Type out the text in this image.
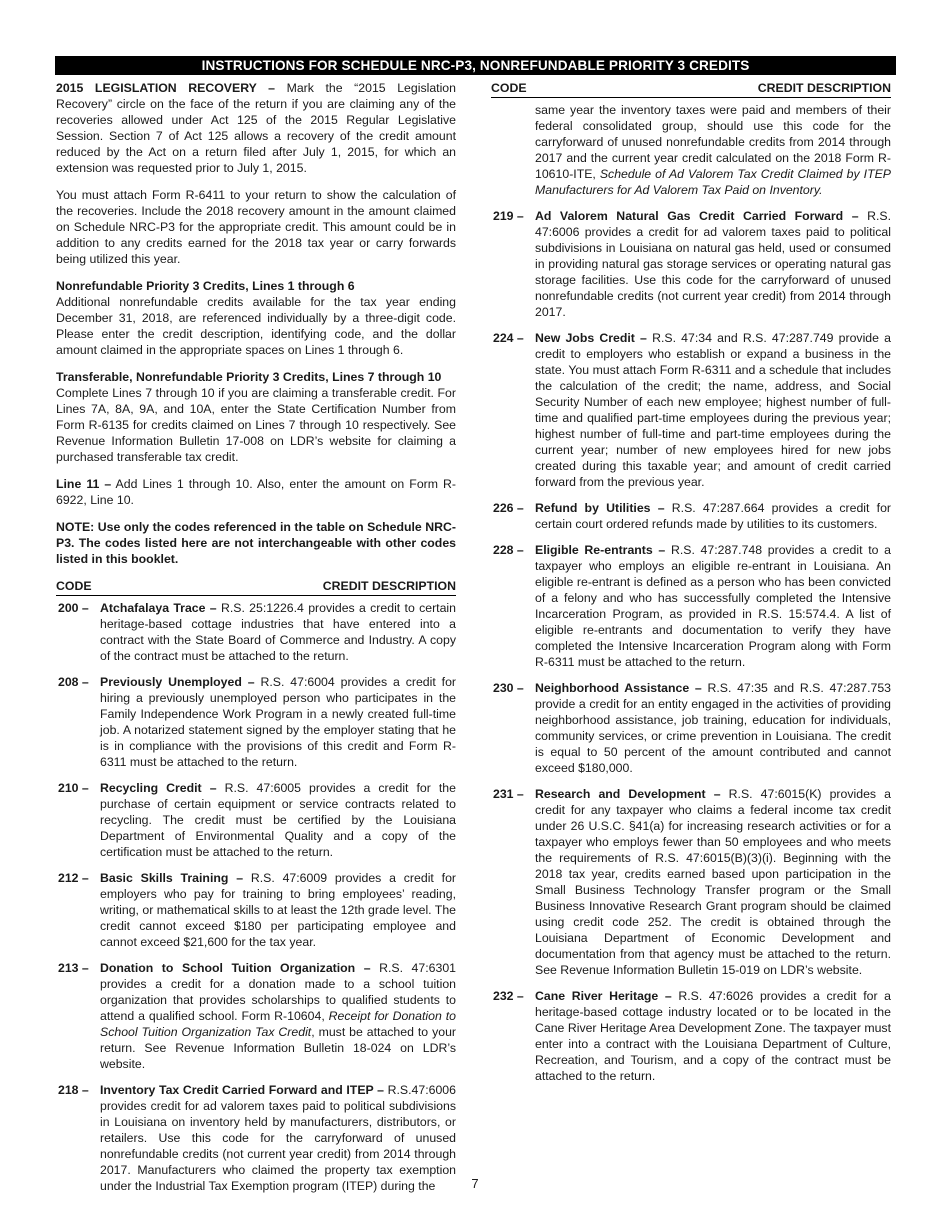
INSTRUCTIONS FOR SCHEDULE NRC-P3, NONREFUNDABLE PRIORITY 3 CREDITS

2015 LEGISLATION RECOVERY – Mark the “2015 Legislation Recovery” circle on the face of the return if you are claiming any of the recoveries allowed under Act 125 of the 2015 Regular Legislative Session. Section 7 of Act 125 allows a recovery of the credit amount reduced by the Act on a return filed after July 1, 2015, for which an extension was requested prior to July 1, 2015.

You must attach Form R-6411 to your return to show the calculation of the recoveries. Include the 2018 recovery amount in the amount claimed on Schedule NRC-P3 for the appropriate credit. This amount could be in addition to any credits earned for the 2018 tax year or carry forwards being utilized this year.

Nonrefundable Priority 3 Credits, Lines 1 through 6

Additional nonrefundable credits available for the tax year ending December 31, 2018, are referenced individually by a three-digit code. Please enter the credit description, identifying code, and the dollar amount claimed in the appropriate spaces on Lines 1 through 6.

Transferable, Nonrefundable Priority 3 Credits, Lines 7 through 10

Complete Lines 7 through 10 if you are claiming a transferable credit. For Lines 7A, 8A, 9A, and 10A, enter the State Certification Number from Form R-6135 for credits claimed on Lines 7 through 10 respectively. See Revenue Information Bulletin 17-008 on LDR’s website for claiming a purchased transferable tax credit.

Line 11 – Add Lines 1 through 10. Also, enter the amount on Form R-6922, Line 10.

NOTE: Use only the codes referenced in the table on Schedule NRC-P3. The codes listed here are not interchangeable with other codes listed in this booklet.

CODE	CREDIT DESCRIPTION
200 – Atchafalaya Trace – R.S. 25:1226.4 provides a credit to certain heritage-based cottage industries that have entered into a contract with the State Board of Commerce and Industry. A copy of the contract must be attached to the return.
208 – Previously Unemployed – R.S. 47:6004 provides a credit for hiring a previously unemployed person who participates in the Family Independence Work Program in a newly created full-time job. A notarized statement signed by the employer stating that he is in compliance with the provisions of this credit and Form R-6311 must be attached to the return.
210 – Recycling Credit – R.S. 47:6005 provides a credit for the purchase of certain equipment or service contracts related to recycling. The credit must be certified by the Louisiana Department of Environmental Quality and a copy of the certification must be attached to the return.
212 – Basic Skills Training – R.S. 47:6009 provides a credit for employers who pay for training to bring employees’ reading, writing, or mathematical skills to at least the 12th grade level. The credit cannot exceed $180 per participating employee and cannot exceed $21,600 for the tax year.
213 – Donation to School Tuition Organization – R.S. 47:6301 provides a credit for a donation made to a school tuition organization that provides scholarships to qualified students to attend a qualified school. Form R-10604, Receipt for Donation to School Tuition Organization Tax Credit, must be attached to your return. See Revenue Information Bulletin 18-024 on LDR’s website.
218 – Inventory Tax Credit Carried Forward and ITEP – R.S.47:6006 provides credit for ad valorem taxes paid to political subdivisions in Louisiana on inventory held by manufacturers, distributors, or retailers. Use this code for the carryforward of unused nonrefundable credits (not current year credit) from 2014 through 2017. Manufacturers who claimed the property tax exemption under the Industrial Tax Exemption program (ITEP) during the
CODE	CREDIT DESCRIPTION

same year the inventory taxes were paid and members of their federal consolidated group, should use this code for the carryforward of unused nonrefundable credits from 2014 through 2017 and the current year credit calculated on the 2018 Form R-10610-ITE, Schedule of Ad Valorem Tax Credit Claimed by ITEP Manufacturers for Ad Valorem Tax Paid on Inventory.

219 – Ad Valorem Natural Gas Credit Carried Forward – R.S. 47:6006 provides a credit for ad valorem taxes paid to political subdivisions in Louisiana on natural gas held, used or consumed in providing natural gas storage services or operating natural gas storage facilities. Use this code for the carryforward of unused nonrefundable credits (not current year credit) from 2014 through 2017.
224 – New Jobs Credit – R.S. 47:34 and R.S. 47:287.749 provide a credit to employers who establish or expand a business in the state. You must attach Form R-6311 and a schedule that includes the calculation of the credit; the name, address, and Social Security Number of each new employee; highest number of full-time and qualified part-time employees during the previous year; highest number of full-time and part-time employees during the current year; number of new employees hired for new jobs created during this taxable year; and amount of credit carried forward from the previous year.
226 – Refund by Utilities – R.S. 47:287.664 provides a credit for certain court ordered refunds made by utilities to its customers.
228 – Eligible Re-entrants – R.S. 47:287.748 provides a credit to a taxpayer who employs an eligible re-entrant in Louisiana. An eligible re-entrant is defined as a person who has been convicted of a felony and who has successfully completed the Intensive Incarceration Program, as provided in R.S. 15:574.4. A list of eligible re-entrants and documentation to verify they have completed the Intensive Incarceration Program along with Form R-6311 must be attached to the return.
230 – Neighborhood Assistance – R.S. 47:35 and R.S. 47:287.753 provide a credit for an entity engaged in the activities of providing neighborhood assistance, job training, education for individuals, community services, or crime prevention in Louisiana. The credit is equal to 50 percent of the amount contributed and cannot exceed $180,000.
231 – Research and Development – R.S. 47:6015(K) provides a credit for any taxpayer who claims a federal income tax credit under 26 U.S.C. §41(a) for increasing research activities or for a taxpayer who employs fewer than 50 employees and who meets the requirements of R.S. 47:6015(B)(3)(i). Beginning with the 2018 tax year, credits earned based upon participation in the Small Business Technology Transfer program or the Small Business Innovative Research Grant program should be claimed using credit code 252. The credit is obtained through the Louisiana Department of Economic Development and documentation from that agency must be attached to the return. See Revenue Information Bulletin 15-019 on LDR’s website.
232 – Cane River Heritage – R.S. 47:6026 provides a credit for a heritage-based cottage industry located or to be located in the Cane River Heritage Area Development Zone. The taxpayer must enter into a contract with the Louisiana Department of Culture, Recreation, and Tourism, and a copy of the contract must be attached to the return.
7
